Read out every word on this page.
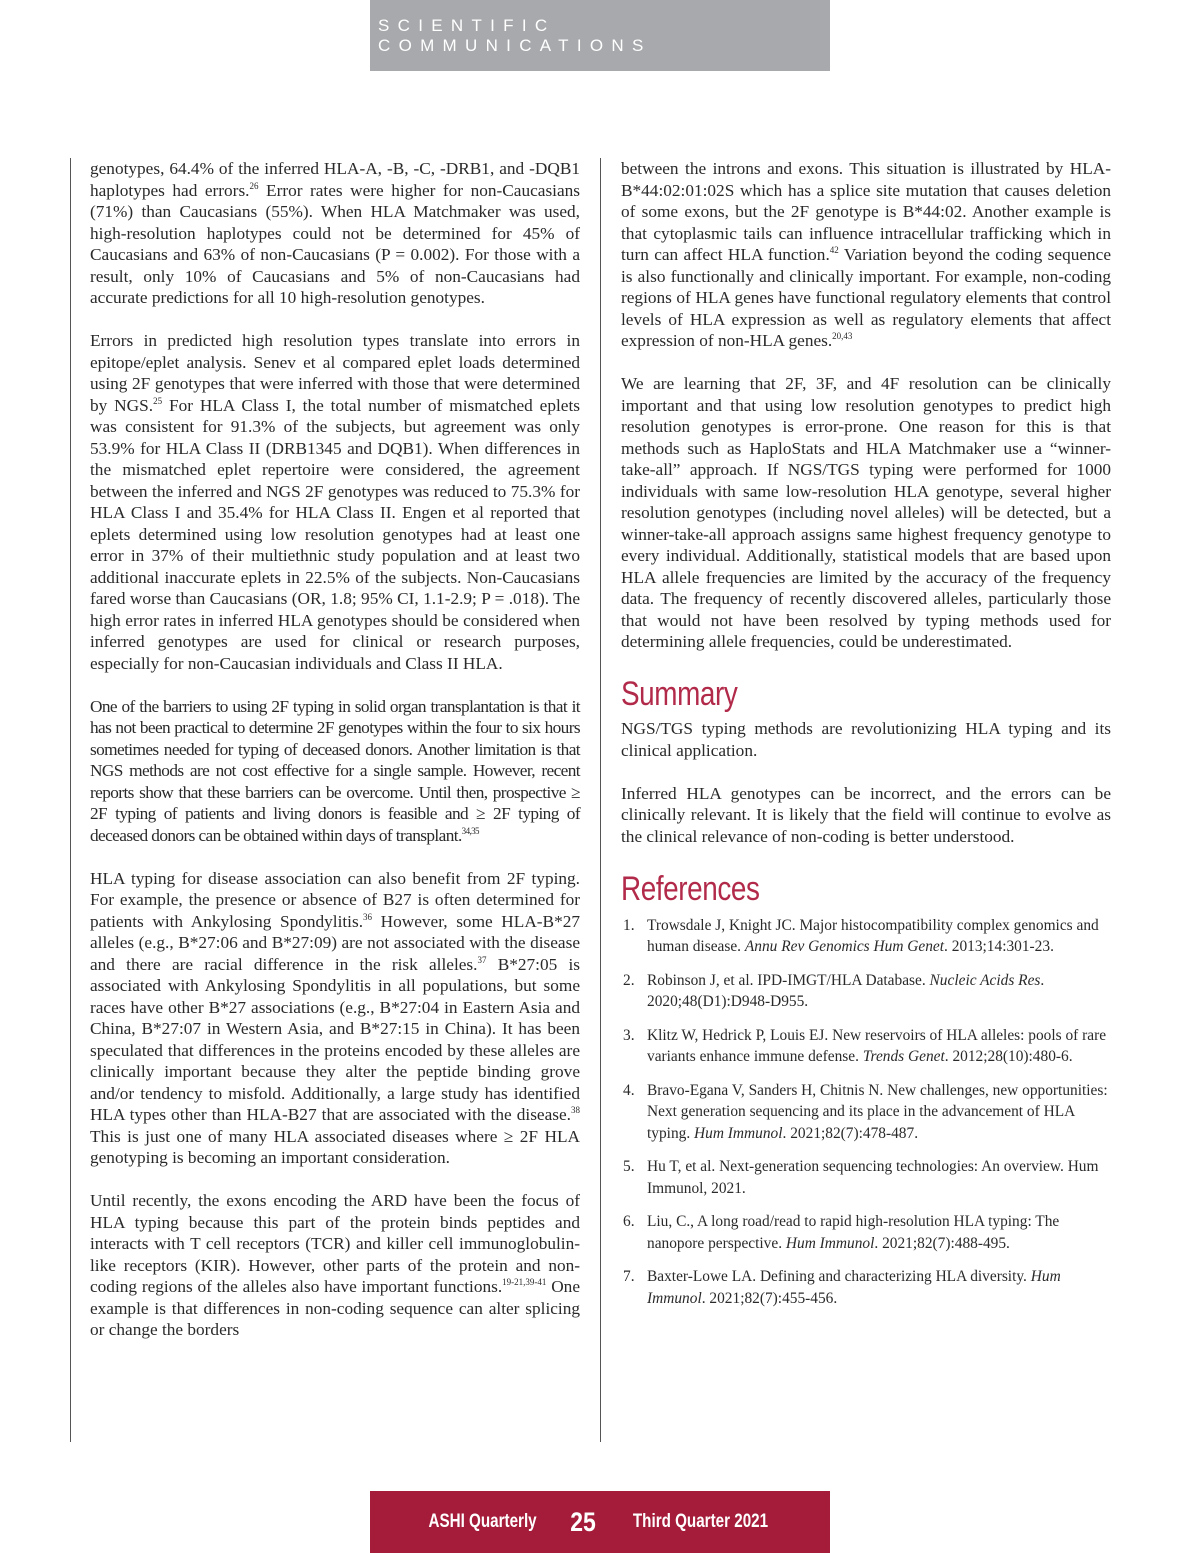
SCIENTIFIC COMMUNICATIONS

genotypes, 64.4% of the inferred HLA-A, -B, -C, -DRB1, and -DQB1 haplotypes had errors.$^{26}$ Error rates were higher for non-Caucasians (71%) than Caucasians (55%). When HLA Matchmaker was used, high-resolution haplotypes could not be determined for 45% of Caucasians and 63% of non-Caucasians (P = 0.002). For those with a result, only 10% of Caucasians and 5% of non-Caucasians had accurate predictions for all 10 high-resolution genotypes.

Errors in predicted high resolution types translate into errors in epitope/eplet analysis. Senev et al compared eplet loads determined using 2F genotypes that were inferred with those that were determined by NGS.$^{25}$ For HLA Class I, the total number of mismatched eplets was consistent for 91.3% of the subjects, but agreement was only 53.9% for HLA Class II (DRB1345 and DQB1). When differences in the mismatched eplet repertoire were considered, the agreement between the inferred and NGS 2F genotypes was reduced to 75.3% for HLA Class I and 35.4% for HLA Class II. Engen et al reported that eplets determined using low resolution genotypes had at least one error in 37% of their multiethnic study population and at least two additional inaccurate eplets in 22.5% of the subjects. Non-Caucasians fared worse than Caucasians (OR, 1.8; 95% CI, 1.1-2.9; P = .018). The high error rates in inferred HLA genotypes should be considered when inferred genotypes are used for clinical or research purposes, especially for non-Caucasian individuals and Class II HLA.

One of the barriers to using 2F typing in solid organ transplantation is that it has not been practical to determine 2F genotypes within the four to six hours sometimes needed for typing of deceased donors. Another limitation is that NGS methods are not cost effective for a single sample. However, recent reports show that these barriers can be overcome. Until then, prospective ≥ 2F typing of patients and living donors is feasible and ≥ 2F typing of deceased donors can be obtained within days of transplant.$^{34,35}$

HLA typing for disease association can also benefit from 2F typing. For example, the presence or absence of B27 is often determined for patients with Ankylosing Spondylitis.$^{36}$ However, some HLA-B*27 alleles (e.g., B*27:06 and B*27:09) are not associated with the disease and there are racial difference in the risk alleles.$^{37}$ B*27:05 is associated with Ankylosing Spondylitis in all populations, but some races have other B*27 associations (e.g., B*27:04 in Eastern Asia and China, B*27:07 in Western Asia, and B*27:15 in China). It has been speculated that differences in the proteins encoded by these alleles are clinically important because they alter the peptide binding grove and/or tendency to misfold. Additionally, a large study has identified HLA types other than HLA-B27 that are associated with the disease.$^{38}$ This is just one of many HLA associated diseases where ≥ 2F HLA genotyping is becoming an important consideration.

Until recently, the exons encoding the ARD have been the focus of HLA typing because this part of the protein binds peptides and interacts with T cell receptors (TCR) and killer cell immunoglobulin-like receptors (KIR). However, other parts of the protein and non-coding regions of the alleles also have important functions.$^{19-21,39-41}$ One example is that differences in non-coding sequence can alter splicing or change the borders

between the introns and exons. This situation is illustrated by HLA-B*44:02:01:02S which has a splice site mutation that causes deletion of some exons, but the 2F genotype is B*44:02. Another example is that cytoplasmic tails can influence intracellular trafficking which in turn can affect HLA function.$^{42}$ Variation beyond the coding sequence is also functionally and clinically important. For example, non-coding regions of HLA genes have functional regulatory elements that control levels of HLA expression as well as regulatory elements that affect expression of non-HLA genes.$^{20,43}$

We are learning that 2F, 3F, and 4F resolution can be clinically important and that using low resolution genotypes to predict high resolution genotypes is error-prone. One reason for this is that methods such as HaploStats and HLA Matchmaker use a “winner-take-all” approach. If NGS/TGS typing were performed for 1000 individuals with same low-resolution HLA genotype, several higher resolution genotypes (including novel alleles) will be detected, but a winner-take-all approach assigns same highest frequency genotype to every individual. Additionally, statistical models that are based upon HLA allele frequencies are limited by the accuracy of the frequency data. The frequency of recently discovered alleles, particularly those that would not have been resolved by typing methods used for determining allele frequencies, could be underestimated.

Summary

NGS/TGS typing methods are revolutionizing HLA typing and its clinical application.

Inferred HLA genotypes can be incorrect, and the errors can be clinically relevant. It is likely that the field will continue to evolve as the clinical relevance of non-coding is better understood.

References
1. Trowsdale J, Knight JC. Major histocompatibility complex genomics and human disease. Annu Rev Genomics Hum Genet. 2013;14:301-23.
2. Robinson J, et al. IPD-IMGT/HLA Database. Nucleic Acids Res. 2020;48(D1):D948-D955.
3. Klitz W, Hedrick P, Louis EJ. New reservoirs of HLA alleles: pools of rare variants enhance immune defense. Trends Genet. 2012;28(10):480-6.
4. Bravo-Egana V, Sanders H, Chitnis N. New challenges, new opportunities: Next generation sequencing and its place in the advancement of HLA typing. Hum Immunol. 2021;82(7):478-487.
5. Hu T, et al. Next-generation sequencing technologies: An overview. Hum Immunol, 2021.
6. Liu, C., A long road/read to rapid high-resolution HLA typing: The nanopore perspective. Hum Immunol. 2021;82(7):488-495.
7. Baxter-Lowe LA. Defining and characterizing HLA diversity. Hum Immunol. 2021;82(7):455-456.
ASHI Quarterly 25 Third Quarter 2021
